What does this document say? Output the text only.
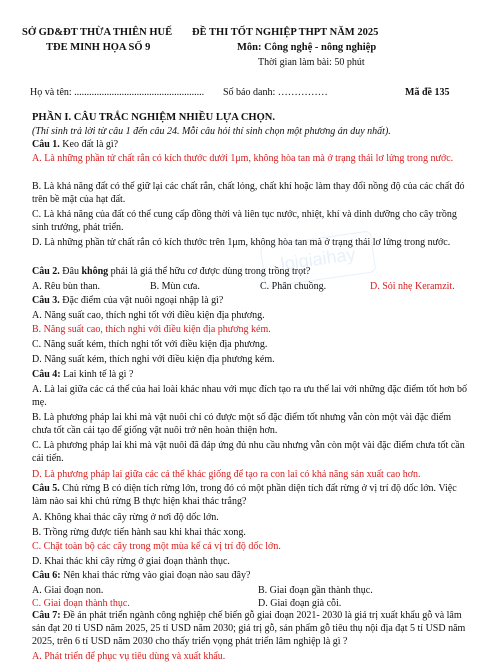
SỞ GD&ĐT THỪA THIÊN HUẾ ĐỀ THI TỐT NGHIỆP THPT NĂM 2025
TĐE MINH HỌA SỐ 9	Môn: Công nghệ - nông nghiệp
Thời gian làm bài: 50 phút
Họ và tên: .................................................... Số báo danh: ……………	Mã đề 135
PHẦN I. CÂU TRẮC NGHIỆM NHIỀU LỰA CHỌN.
(Thí sinh trả lời từ câu 1 đến câu 24. Mỗi câu hỏi thí sinh chọn một phương án duy nhất).
Câu 1. Keo đất là gì?
A. Là những phần tử chất rắn có kích thước dưới 1μm, không hòa tan mà ở trạng thái lơ lửng trong nước.
B. Là khả năng đất có thể giữ lại các chất rắn, chất lỏng, chất khí hoặc làm thay đổi nồng độ của các chất đó trên bề mặt của hạt đất.
C. Là khả năng của đất có thể cung cấp đồng thời và liên tục nước, nhiệt, khí và dinh dưỡng cho cây trồng sinh trưởng, phát triển.
D. Là những phần tử chất rắn có kích thước trên 1μm, không hòa tan mà ở trạng thái lơ lửng trong nước.
Câu 2. Đâu không phải là giá thể hữu cơ được dùng trong trồng trọt?
A. Rêu bùn than.	B. Mùn cưa.	C. Phân chuồng.	D. Sỏi nhẹ Keramzit.
Câu 3. Đặc điểm của vật nuôi ngoại nhập là gì?
A. Năng suất cao, thích nghi tốt với điều kiện địa phương.
B. Năng suất cao, thích nghi với điều kiện địa phương kém.
C. Năng suất kém, thích nghi tốt với điều kiện địa phương.
D. Năng suất kém, thích nghi với điều kiện địa phương kém.
Câu 4: Lai kinh tế là gì ?
A. Là lai giữa các cá thể của hai loài khác nhau với mục đích tạo ra ưu thế lai với những đặc điểm tốt hơn bố mẹ.
B. Là phương pháp lai khi mà vật nuôi chỉ có được một số đặc điểm tốt nhưng vẫn còn một vài đặc điểm chưa tốt cần cải tạo để giống vật nuôi trở nên hoàn thiện hơn.
C. Là phương pháp lai khi mà vật nuôi đã đáp ứng đủ nhu cầu nhưng vẫn còn một vài đặc điểm chưa tốt cần cải tiến.
D. Là phương pháp lai giữa các cá thể khác giống để tạo ra con lai có khả năng sản xuất cao hơn.
Câu 5. Chủ rừng B có diện tích rừng lớn, trong đó có một phần diện tích đất rừng ở vị trí độ dốc lớn. Việc làm nào sai khi chủ rừng B thực hiện khai thác trắng?
A. Không khai thác cây rừng ở nơi độ dốc lớn.
B. Trồng rừng được tiến hành sau khi khai thác xong.
C. Chặt toàn bộ các cây trong một mùa kế cả vị trí độ dốc lớn.
D. Khai thác khi cây rừng ở giai đoạn thành thục.
Câu 6: Nên khai thác rừng vào giai đoạn nào sau đây?
A. Giai đoạn non.	B. Giai đoạn gần thành thục.
C. Giai đoạn thành thục.	D. Giai đoạn già cỗi.
Câu 7: Đề án phát triển ngành công nghiệp chế biến gỗ giai đoạn 2021- 2030 là giá trị xuất khẩu gỗ và lâm sản đạt 20 tỉ USD năm 2025, 25 tỉ USD năm 2030; giá trị gỗ, sản phẩm gỗ tiêu thụ nội địa đạt 5 tỉ USD năm 2025, trên 6 tỉ USD năm 2030 cho thấy triển vọng phát triển lâm nghiệp là gì ?
A. Phát triển để phục vụ tiêu dùng và xuất khẩu.
loigiaihay
